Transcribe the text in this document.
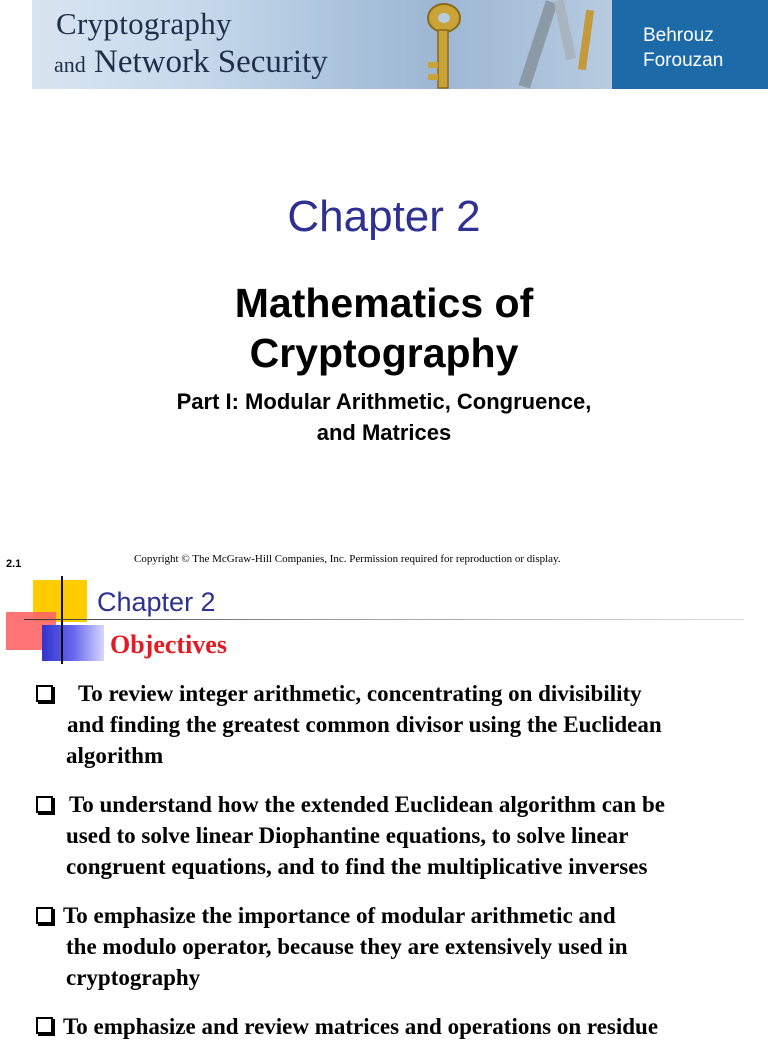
Cryptography
and Network Security
Behrouz
Forouzan
Chapter 2
Mathematics of
Cryptography
Part I: Modular Arithmetic, Congruence,
and Matrices
2.1	Copyright © The McGraw-Hill Companies, Inc. Permission required for reproduction or display.
Chapter 2
Objectives
To review integer arithmetic, concentrating on divisibility
and finding the greatest common divisor using the Euclidean
algorithm
To understand how the extended Euclidean algorithm can be
used to solve linear Diophantine equations, to solve linear
congruent equations, and to find the multiplicative inverses
To emphasize the importance of modular arithmetic and
the modulo operator, because they are extensively used in
cryptography
To emphasize and review matrices and operations on residue
